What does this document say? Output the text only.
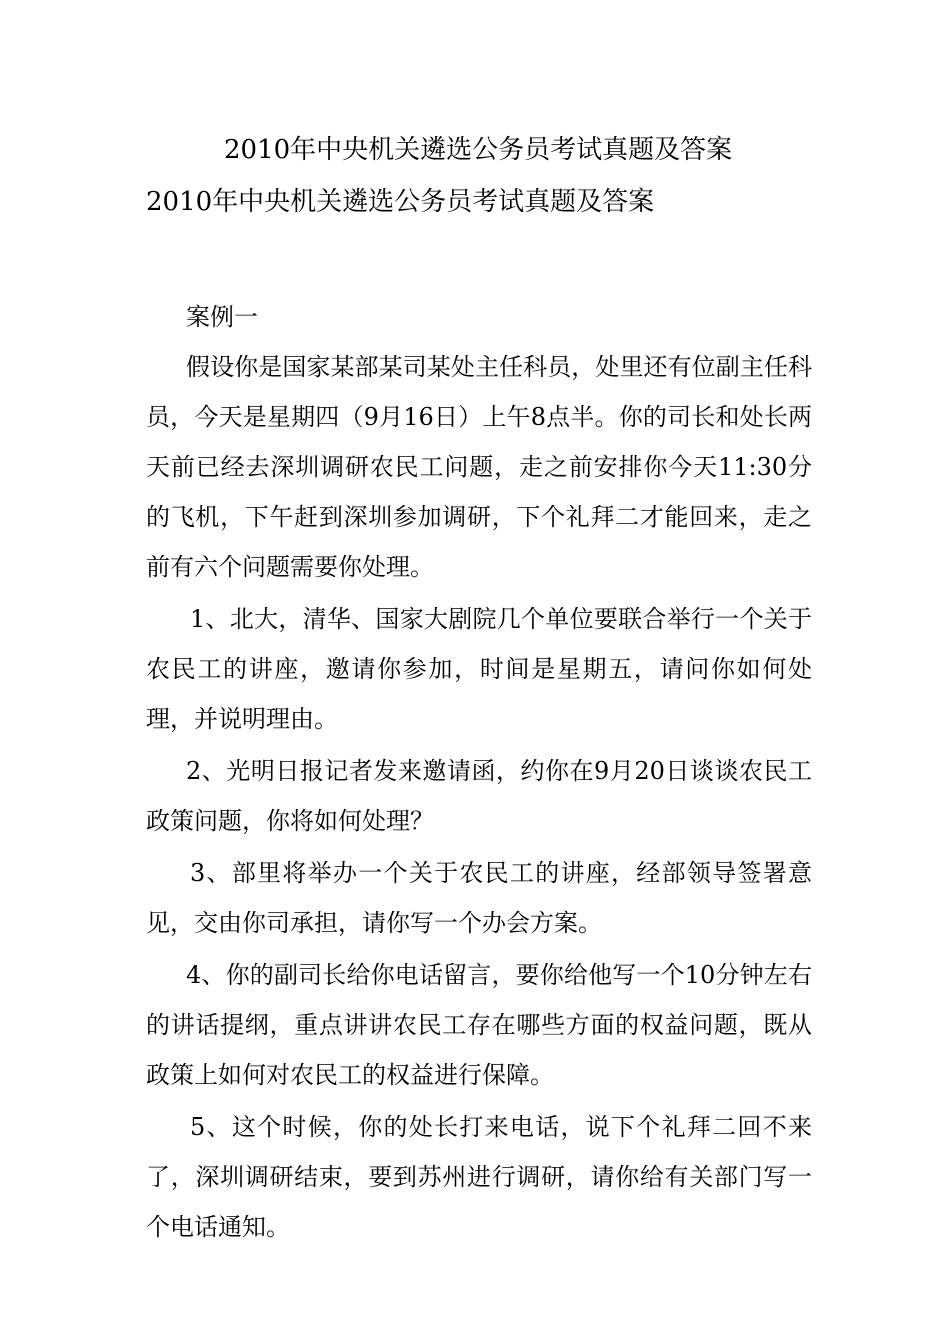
2010年中央机关遴选公务员考试真题及答案
2010年中央机关遴选公务员考试真题及答案
案例一

假设你是国家某部某司某处主任科员，处里还有位副主任科员，今天是星期四（9月16日）上午8点半。你的司长和处长两天前已经去深圳调研农民工问题，走之前安排你今天11:30分的飞机，下午赶到深圳参加调研，下个礼拜二才能回来，走之前有六个问题需要你处理。

1、北大，清华、国家大剧院几个单位要联合举行一个关于农民工的讲座，邀请你参加，时间是星期五，请问你如何处理，并说明理由。

2、光明日报记者发来邀请函，约你在9月20日谈谈农民工政策问题，你将如何处理？

3、部里将举办一个关于农民工的讲座，经部领导签署意见，交由你司承担，请你写一个办会方案。

4、你的副司长给你电话留言，要你给他写一个10分钟左右的讲话提纲，重点讲讲农民工存在哪些方面的权益问题，既从政策上如何对农民工的权益进行保障。

5、这个时候，你的处长打来电话，说下个礼拜二回不来了，深圳调研结束，要到苏州进行调研，请你给有关部门写一个电话通知。
